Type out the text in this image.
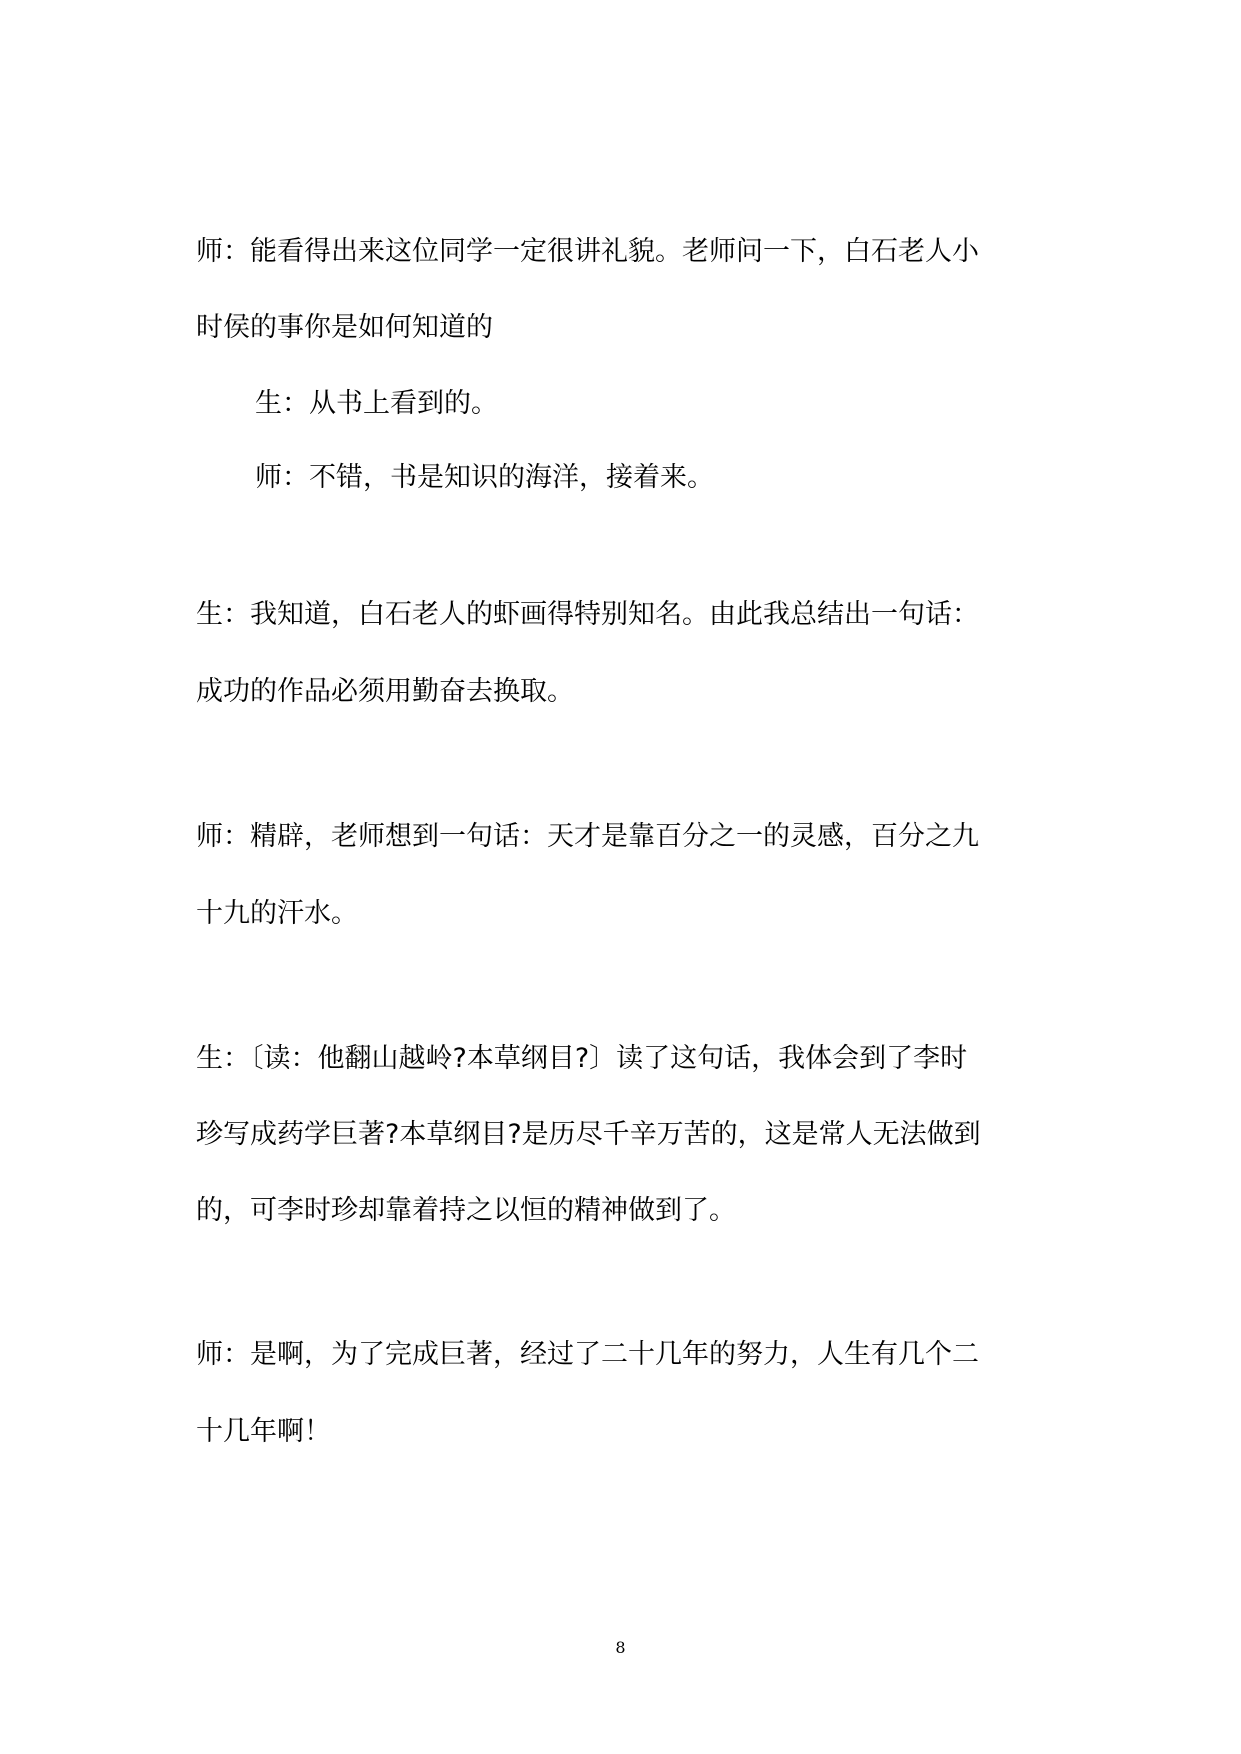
师：能看得出来这位同学一定很讲礼貌。老师问一下，白石老人小
时侯的事你是如何知道的
生：从书上看到的。
师：不错，书是知识的海洋，接着来。
生：我知道，白石老人的虾画得特别知名。由此我总结出一句话：
成功的作品必须用勤奋去换取。
师：精辟，老师想到一句话：天才是靠百分之一的灵感，百分之九
十九的汗水。
生：〔读：他翻山越岭?本草纲目?〕读了这句话，我体会到了李时
珍写成药学巨著?本草纲目?是历尽千辛万苦的，这是常人无法做到
的，可李时珍却靠着持之以恒的精神做到了。
师：是啊，为了完成巨著，经过了二十几年的努力，人生有几个二
十几年啊！
8
